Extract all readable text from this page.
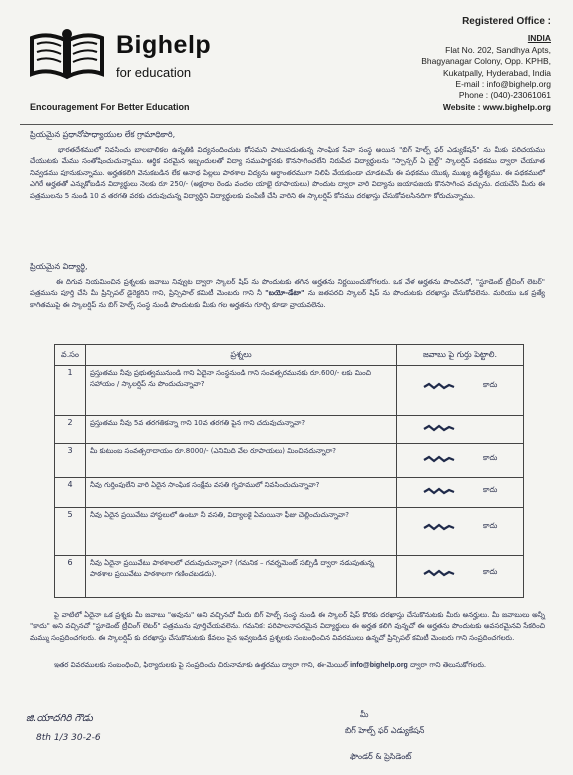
Bighelp
for education
Encouragement For Better Education
Registered Office :
INDIA
Flat No. 202, Sandhya Apts,
Bhagyanagar Colony, Opp. KPHB,
Kukatpally, Hyderabad, India
E-mail : info@bighelp.org
Phone : (040)-23061061
Website : www.bighelp.org
ప్రియమైన ప్రధానోపాధ్యాయుల లేక గ్రామాధికారి,
భారతదేశములో నివసించు బాలబాలికల ఉన్నతికి విద్యనందించుట కోసమని పాటుపడుతున్న సాంఘిక సేవా సంస్థ అయిన "బిగ్ హెల్ప్ ఫర్ ఎడ్యుకేషన్" ను మీకు పరిచయము చేయుటకు మేము సంతోషించుచున్నాము. ఆర్థిక పరమైన ఇబ్బందులతో విద్యా సముపార్జనకు కొనసాగించలేని నిరుపేద విద్యార్థులను "స్పాన్సర్ ఏ చైల్డ్" స్కాలర్షిప్ పథకము ద్వారా చేయూత నివ్వడము పూనుకున్నాము. అర్హతకలిగి వెనుకబడిన లేక అనాథ పిల్లలు పాఠశాల విద్యను అర్ధాంతరముగా నిలిపి వేయకుండా చూడటమే ఈ పథకము యొక్క ముఖ్య ఉద్దేశ్యము. ఈ పథకములో ఎగిరే అర్హతతో ఎన్నుకోబడిన విద్యార్థులు నెలకు రూ 250/- (అక్షరాల రెండు వందల యాభై రూపాయలు) పొందుట ద్వారా వారి విద్యాను జయాపజయ కొనసాగింప వచ్చును. దయచేసి మీరు ఈ పత్రములను 5 నుండి 10 వ తరగతి వరకు చదువుచున్న విద్యార్థిని విద్యార్థులకు పంపిణీ చేసి వారిని ఈ స్కాలర్షిప్ కోసము దరఖాస్తు చేసుకోవలసినదిగా కోరుచున్నాము.
ప్రియమైన విద్యార్థి,
ఈ దిగువ నియమించిన ప్రశ్నలకు జవాబు నివ్వుట ద్వారా స్కాలర్ షిప్ ను పొందుటకు తగిన అర్హతను నిర్ణయించుకోగలరు. ఒక వేళ అర్హతను పొందినచో, "స్టూడెంట్ ట్రీచింగ్ లెటర్" పత్రమును పూర్తి చేసి మీ ప్రిన్సిపల్ డైరెక్టరిని గాని, ప్రిన్సిపాల్ కమిటీ మెంబరు గాని నీ "బయో-డేటా" ను జతపరచి స్కాలర్ షిప్ ను పొందుటకు దరఖాస్తు చేసుకోవలెను. మరియు ఒక ప్రత్యే కాగితముపై ఈ స్కాలర్షిప్ ను బిగ్ హెల్ప్ సంస్థ నుండి పొందుటకు మీకు గల అర్హతను గూర్చి కూడా వ్రాయవలెను.
వ.సం	ప్రశ్నలు	జవాబు పై గుర్తు పెట్టాలి.
1	ప్రస్తుతము నీవు ప్రభుత్వమునుండి గాని ఏదైనా సంస్థనుండి గాని సంవత్సరమునకు రూ.600/- లకు మించి సహాయం / స్కాలర్షిప్ ను పొందుచున్నావా?	కాదు

2	ప్రస్తుతము నీవు 5వ తరగతికన్నా గాని 10వ తరగతి పైన గాని చదువుచున్నావా?	

3	మీ కుటుంబ సంవత్సరాదాయం రూ.8000/- (ఎనిమిది వేల రూపాయలు) మించినదున్నారా?	కాదు

4	నీవు గుర్తింపులేని వారి ఏదైన సాంఘిక సంక్షేమ వసతి గృహములో నివసించుచున్నావా?	కాదు

5	నీవు ఏదైన ప్రయివేటు హాస్టలులో ఉంటూ నీ వసతి, విద్యాలకై ఏమయినా ఫీజు చెల్లించుచున్నావా?	కాదు

6	నీవు ఏదైనా ప్రయివేటు పాఠశాలలో చదువుచున్నావా? (గమనిక – గవర్నమెంట్ సబ్సిడీ ద్వారా నడుపుతున్న పాఠశాల ప్రయివేటు పాఠశాలగా గణించబడదు).	కాదు
పై వాటిలో ఏదైనా ఒక ప్రశ్నకు మీ జవాబు "అవును" అని వచ్చినచో మీరు బిగ్ హెల్ప్ సంస్థ నుండి ఈ స్కాలర్ షిప్ కొరకు దరఖాస్తు చేసుకొనుటకు మీరు అనర్హులు. మీ జవాబులు అన్నీ "కాదు" అని వచ్చినచో "స్టూడెంట్ ట్రీచింగ్ లెటర్" పత్రమును పూర్తిచేయవలెను. గమనిక: పరిపాలనాపరమైన విద్యార్థులు ఈ అర్హత కలిగి వున్నచో ఈ అర్హతను పొందుటకు అవసరమైనవి సేకరించి మమ్ము సంప్రదించగలరు. ఈ స్కాలర్షిప్ కు దరఖాస్తు చేసుకొనుటకు కేవలం పైన ఇవ్వబడిన ప్రశ్నలకు సంబంధించిన వివరములు ఉన్నచో ప్రిన్సిపల్ కమిటీ మెంబరు గాని సంప్రదించగలరు.
ఇతర వివరములకు సంబంధించి, ఫిర్యాదులకు పై సంప్రదించు చిరునామాకు ఉత్తరము ద్వారా గాని, ఈ-మెయిల్ info@bighelp.org ద్వారా గాని తెలుసుకోగలరు.
జి.యాదగిరి గౌడు
8th 1/3 30-2-6
మీ
బిగ్ హెల్ప్ ఫర్ ఎడ్యుకేషన్
ఫౌండర్ & ప్రెసిడెంట్
